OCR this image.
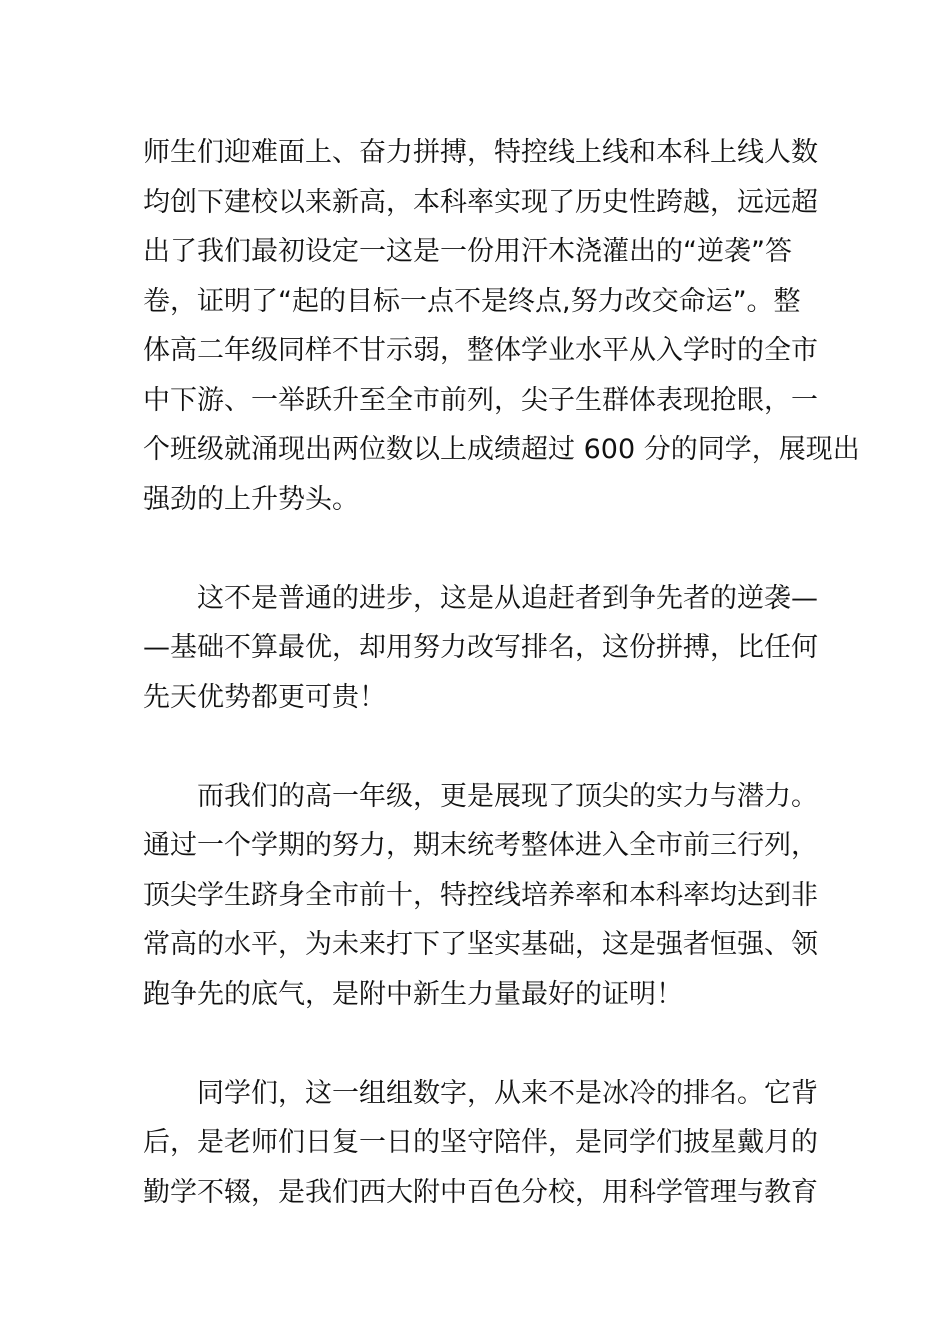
师生们迎难面上、奋力拼搏，特控线上线和本科上线人数
均创下建校以来新高，本科率实现了历史性跨越，远远超
出了我们最初设定一这是一份用汗木浇灌出的“逆袭”答
卷，证明了“起的目标一点不是终点,努力改交命运”。整
体高二年级同样不甘示弱，整体学业水平从入学时的全市
中下游、一举跃升至全市前列，尖子生群体表现抢眼，一
个班级就涌现出两位数以上成绩超过 600 分的同学，展现出
强劲的上升势头。
这不是普通的进步，这是从追赶者到争先者的逆袭—
—基础不算最优，却用努力改写排名，这份拼搏，比任何
先天优势都更可贵！
而我们的高一年级，更是展现了顶尖的实力与潜力。
通过一个学期的努力，期末统考整体进入全市前三行列，
顶尖学生跻身全市前十，特控线培养率和本科率均达到非
常高的水平，为未来打下了坚实基础，这是强者恒强、领
跑争先的底气，是附中新生力量最好的证明！
同学们，这一组组数字，从来不是冰冷的排名。它背
后，是老师们日复一日的坚守陪伴，是同学们披星戴月的
勤学不辍，是我们西大附中百色分校，用科学管理与教育
